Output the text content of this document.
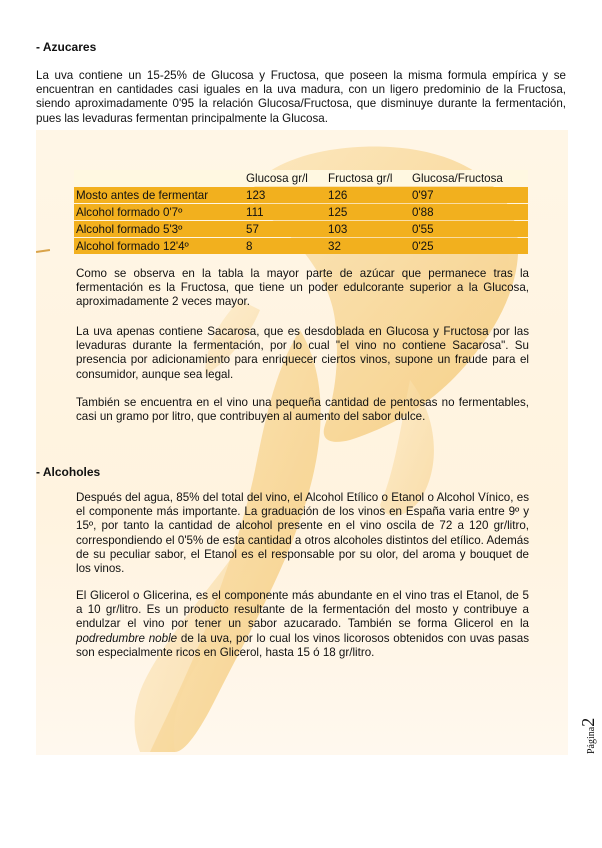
- Azucares

La uva contiene un 15-25% de Glucosa y Fructosa, que poseen la misma formula empírica y se encuentran en cantidades casi iguales en la uva madura, con un ligero predominio de la Fructosa, siendo aproximadamente 0'95 la relación Glucosa/Fructosa, que disminuye durante la fermentación, pues las levaduras fermentan principalmente la Glucosa.

	Glucosa gr/l	Fructosa gr/l	Glucosa/Fructosa
Mosto antes de fermentar	123	126	0'97
Alcohol formado 0'7º	111	125	0'88
Alcohol formado 5'3º	57	103	0'55
Alcohol formado 12'4º	8	32	0'25

Como se observa en la tabla la mayor parte de azúcar que permanece tras la fermentación es la Fructosa, que tiene un poder edulcorante superior a la Glucosa, aproximadamente 2 veces mayor.

La uva apenas contiene Sacarosa, que es desdoblada en Glucosa y Fructosa por las levaduras durante la fermentación, por lo cual "el vino no contiene Sacarosa". Su presencia por adicionamiento para enriquecer ciertos vinos, supone un fraude para el consumidor, aunque sea legal.

También se encuentra en el vino una pequeña cantidad de pentosas no fermentables, casi un gramo por litro, que contribuyen al aumento del sabor dulce.

- Alcoholes

Después del agua, 85% del total del vino, el Alcohol Etílico o Etanol o Alcohol Vínico, es el componente más importante. La graduación de los vinos en España varia entre 9º y 15º, por tanto la cantidad de alcohol presente en el vino oscila de 72 a 120 gr/litro, correspondiendo el 0'5% de esta cantidad a otros alcoholes distintos del etílico. Además de su peculiar sabor, el Etanol es el responsable por su olor, del aroma y bouquet de los vinos.

El Glicerol o Glicerina, es el componente más abundante en el vino tras el Etanol, de 5 a 10 gr/litro. Es un producto resultante de la fermentación del mosto y contribuye a endulzar el vino por tener un sabor azucarado. También se forma Glicerol en la podredumbre noble de la uva, por lo cual los vinos licorosos obtenidos con uvas pasas son especialmente ricos en Glicerol, hasta 15 ó 18 gr/litro.

Página2
